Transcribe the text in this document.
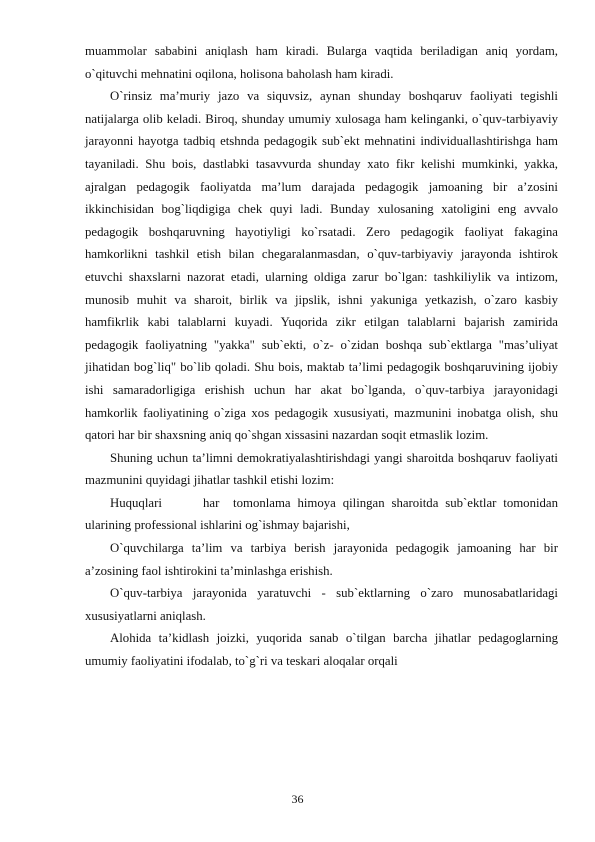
muammolar sababini aniqlash ham kiradi. Bularga vaqtida beriladigan aniq yordam, o`qituvchi mehnatini oqilona, holisona baholash ham kiradi.

O`rinsiz ma’muriy jazo va siquvsiz, aynan shunday boshqaruv faoliyati tegishli natijalarga olib keladi. Biroq, shunday umumiy xulosaga ham kelinganki, o`quv-tarbiyaviy jarayonni hayotga tadbiq etshnda pedagogik sub`ekt mehnatini individuallashtirishga ham tayaniladi. Shu bois, dastlabki tasavvurda shunday xato fikr kelishi mumkinki, yakka, ajralgan pedagogik faoliyatda ma’lum darajada pedagogik jamoaning bir a’zosini ikkinchisidan bog`liqdigiga chek quyi ladi. Bunday xulosaning xatoligini eng avvalo pedagogik boshqaruvning hayotiyligi ko`rsatadi. Zero pedagogik faoliyat fakagina hamkorlikni tashkil etish bilan chegaralanmasdan, o`quv-tarbiyaviy jarayonda ishtirok etuvchi shaxslarni nazorat etadi, ularning oldiga zarur bo`lgan: tashkiliylik va intizom, munosib muhit va sharoit, birlik va jipslik, ishni yakuniga yetkazish, o`zaro kasbiy hamfikrlik kabi talablarni kuyadi. Yuqorida zikr etilgan talablarni bajarish zamirida pedagogik faoliyatning "yakka" sub`ekti, o`z- o`zidan boshqa sub`ektlarga "mas’uliyat jihatidan bog`liq" bo`lib qoladi. Shu bois, maktab ta’limi pedagogik boshqaruvining ijobiy ishi samaradorligiga erishish uchun har akat bo`lganda, o`quv-tarbiya jarayonidagi hamkorlik faoliyatining o`ziga xos pedagogik xususiyati, mazmunini inobatga olish, shu qatori har bir shaxsning aniq qo`shgan xissasini nazardan soqit etmaslik lozim.

Shuning uchun ta’limni demokratiyalashtirishdagi yangi sharoitda boshqaruv faoliyati mazmunini quyidagi jihatlar tashkil etishi lozim:

Huquqlari      har  tomonlama himoya qilingan sharoitda sub`ektlar tomonidan ularining professional ishlarini og`ishmay bajarishi,

O`quvchilarga ta’lim va tarbiya berish jarayonida pedagogik jamoaning har bir a’zosining faol ishtirokini ta’minlashga erishish.

O`quv-tarbiya jarayonida yaratuvchi - sub`ektlarning o`zaro munosabatlaridagi xususiyatlarni aniqlash.

Alohida ta’kidlash joizki, yuqorida sanab o`tilgan barcha jihatlar pedagoglarning umumiy faoliyatini ifodalab, to`g`ri va teskari aloqalar orqali

36
